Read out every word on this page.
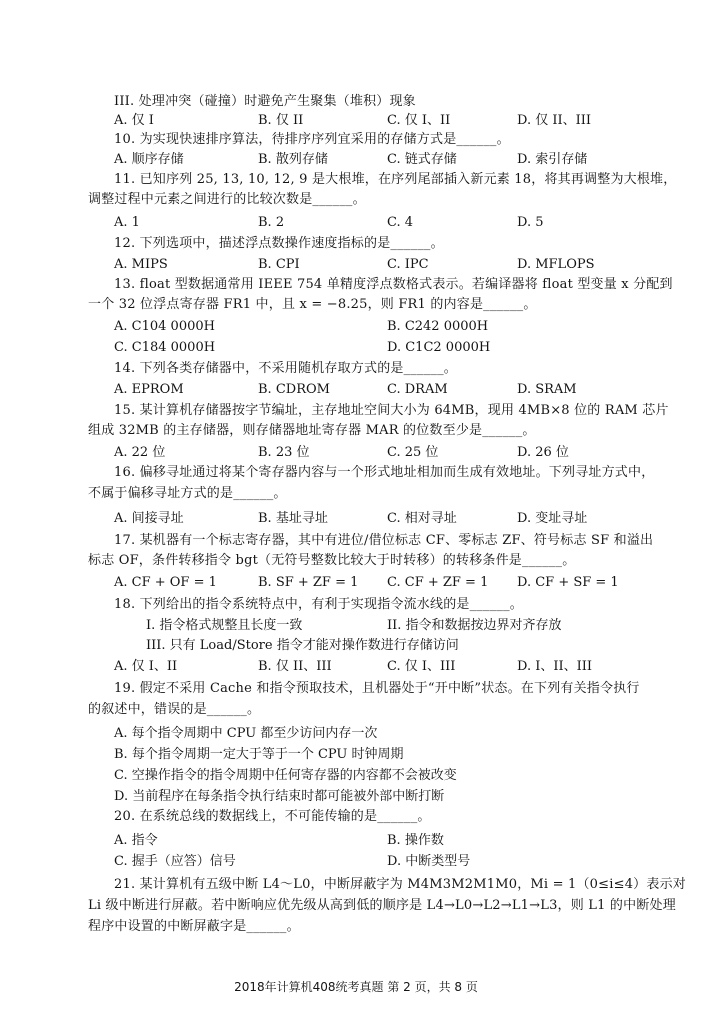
III. 处理冲突（碰撞）时避免产生聚集（堆积）现象
A. 仅 I	B. 仅 II	C. 仅 I、II	D. 仅 II、III
10. 为实现快速排序算法，待排序序列宜采用的存储方式是______。
A. 顺序存储	B. 散列存储	C. 链式存储	D. 索引存储
11. 已知序列 25, 13, 10, 12, 9 是大根堆，在序列尾部插入新元素 18，将其再调整为大根堆，
调整过程中元素之间进行的比较次数是______。
A. 1	B. 2	C. 4	D. 5
12. 下列选项中，描述浮点数操作速度指标的是______。
A. MIPS	B. CPI	C. IPC	D. MFLOPS
13. float 型数据通常用 IEEE 754 单精度浮点数格式表示。若编译器将 float 型变量 x 分配到
一个 32 位浮点寄存器 FR1 中，且 x = −8.25，则 FR1 的内容是______。
A. C104 0000H	B. C242 0000H
C. C184 0000H	D. C1C2 0000H
14. 下列各类存储器中，不采用随机存取方式的是______。
A. EPROM	B. CDROM	C. DRAM	D. SRAM
15. 某计算机存储器按字节编址，主存地址空间大小为 64MB，现用 4MB×8 位的 RAM 芯片
组成 32MB 的主存储器，则存储器地址寄存器 MAR 的位数至少是______。
A. 22 位	B. 23 位	C. 25 位	D. 26 位
16. 偏移寻址通过将某个寄存器内容与一个形式地址相加而生成有效地址。下列寻址方式中，
不属于偏移寻址方式的是______。
A. 间接寻址	B. 基址寻址	C. 相对寻址	D. 变址寻址
17. 某机器有一个标志寄存器，其中有进位/借位标志 CF、零标志 ZF、符号标志 SF 和溢出
标志 OF，条件转移指令 bgt（无符号整数比较大于时转移）的转移条件是______。
A. CF + OF = 1	B. SF + ZF = 1 C. CF + ZF = 1 D. CF + SF = 1
18. 下列给出的指令系统特点中，有利于实现指令流水线的是______。
I. 指令格式规整且长度一致	II. 指令和数据按边界对齐存放
III. 只有 Load/Store 指令才能对操作数进行存储访问
A. 仅 I、II	B. 仅 II、III	C. 仅 I、III	D. I、II、III
19. 假定不采用 Cache 和指令预取技术，且机器处于“开中断”状态。在下列有关指令执行
的叙述中，错误的是______。
A. 每个指令周期中 CPU 都至少访问内存一次
B. 每个指令周期一定大于等于一个 CPU 时钟周期
C. 空操作指令的指令周期中任何寄存器的内容都不会被改变
D. 当前程序在每条指令执行结束时都可能被外部中断打断
20. 在系统总线的数据线上，不可能传输的是______。
A. 指令	B. 操作数
C. 握手（应答）信号	D. 中断类型号
21. 某计算机有五级中断 L4～L0，中断屏蔽字为 M4M3M2M1M0，Mi = 1（0≤i≤4）表示对
Li 级中断进行屏蔽。若中断响应优先级从高到低的顺序是 L4→L0→L2→L1→L3，则 L1 的中断处理
程序中设置的中断屏蔽字是______。
2018年计算机408统考真题 第 2 页，共 8 页
